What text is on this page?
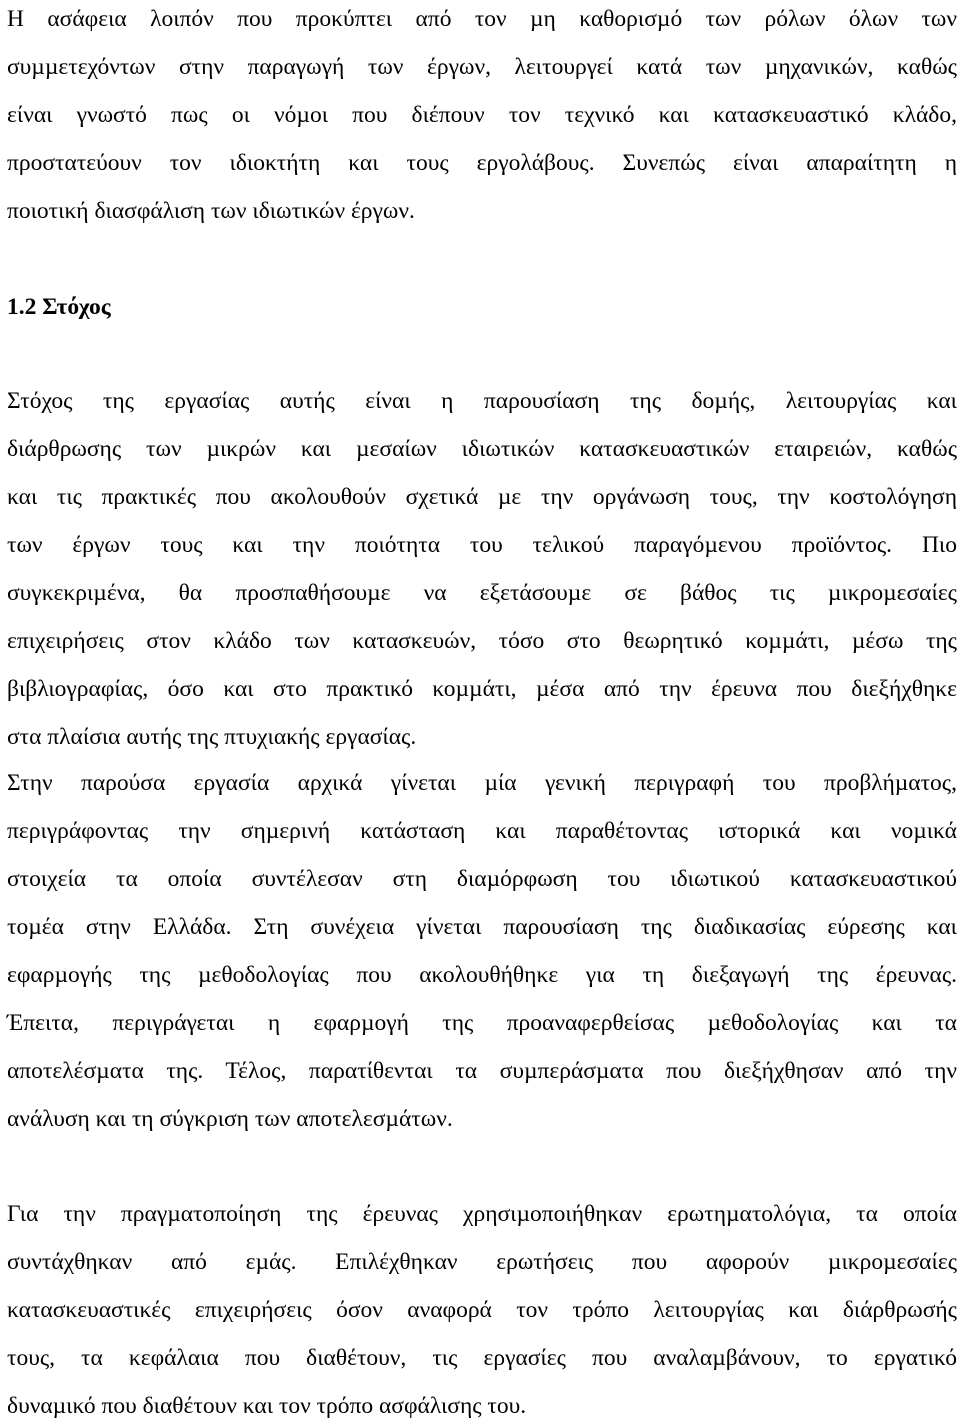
Η ασάφεια λοιπόν που προκύπτει από τον µη καθορισµό των ρόλων όλων των
συµµετεχόντων στην παραγωγή των έργων, λειτουργεί κατά των µηχανικών, καθώς
είναι γνωστό πως οι νόµοι που διέπουν τον τεχνικό και κατασκευαστικό κλάδο,
προστατεύουν τον ιδιοκτήτη και τους εργολάβους. Συνεπώς είναι απαραίτητη η
ποιοτική διασφάλιση των ιδιωτικών έργων.
1.2 Στόχος
Στόχος της εργασίας αυτής είναι η παρουσίαση της δοµής, λειτουργίας και
διάρθρωσης των µικρών και µεσαίων ιδιωτικών κατασκευαστικών εταιρειών, καθώς
και τις πρακτικές που ακολουθούν σχετικά µε την οργάνωση τους, την κοστολόγηση
των έργων τους και την ποιότητα του τελικού παραγόµενου προϊόντος. Πιο
συγκεκριµένα, θα προσπαθήσουµε να εξετάσουµε σε βάθος τις µικροµεσαίες
επιχειρήσεις στον κλάδο των κατασκευών, τόσο στο θεωρητικό κοµµάτι, µέσω της
βιβλιογραφίας, όσο και στο πρακτικό κοµµάτι, µέσα από την έρευνα που διεξήχθηκε
στα πλαίσια αυτής της πτυχιακής εργασίας.
Στην παρούσα εργασία αρχικά γίνεται µία γενική περιγραφή του προβλήµατος,
περιγράφοντας την σηµερινή κατάσταση και παραθέτοντας ιστορικά και νοµικά
στοιχεία τα οποία συντέλεσαν στη διαµόρφωση του ιδιωτικού κατασκευαστικού
τοµέα στην Ελλάδα. Στη συνέχεια γίνεται παρουσίαση της διαδικασίας εύρεσης και
εφαρµογής της µεθοδολογίας που ακολουθήθηκε για τη διεξαγωγή της έρευνας.
Έπειτα, περιγράγεται η εφαρµογή της προαναφερθείσας µεθοδολογίας και τα
αποτελέσµατα της. Τέλος, παρατίθενται τα συµπεράσµατα που διεξήχθησαν από την
ανάλυση και τη σύγκριση των αποτελεσµάτων.
Για την πραγµατοποίηση της έρευνας χρησιµοποιήθηκαν ερωτηµατολόγια, τα οποία
συντάχθηκαν από εµάς. Επιλέχθηκαν ερωτήσεις που αφορούν µικροµεσαίες
κατασκευαστικές επιχειρήσεις όσον αναφορά τον τρόπο λειτουργίας και διάρθρωσής
τους, τα κεφάλαια που διαθέτουν, τις εργασίες που αναλαµβάνουν, το εργατικό
δυναµικό που διαθέτουν και τον τρόπο ασφάλισης του.
